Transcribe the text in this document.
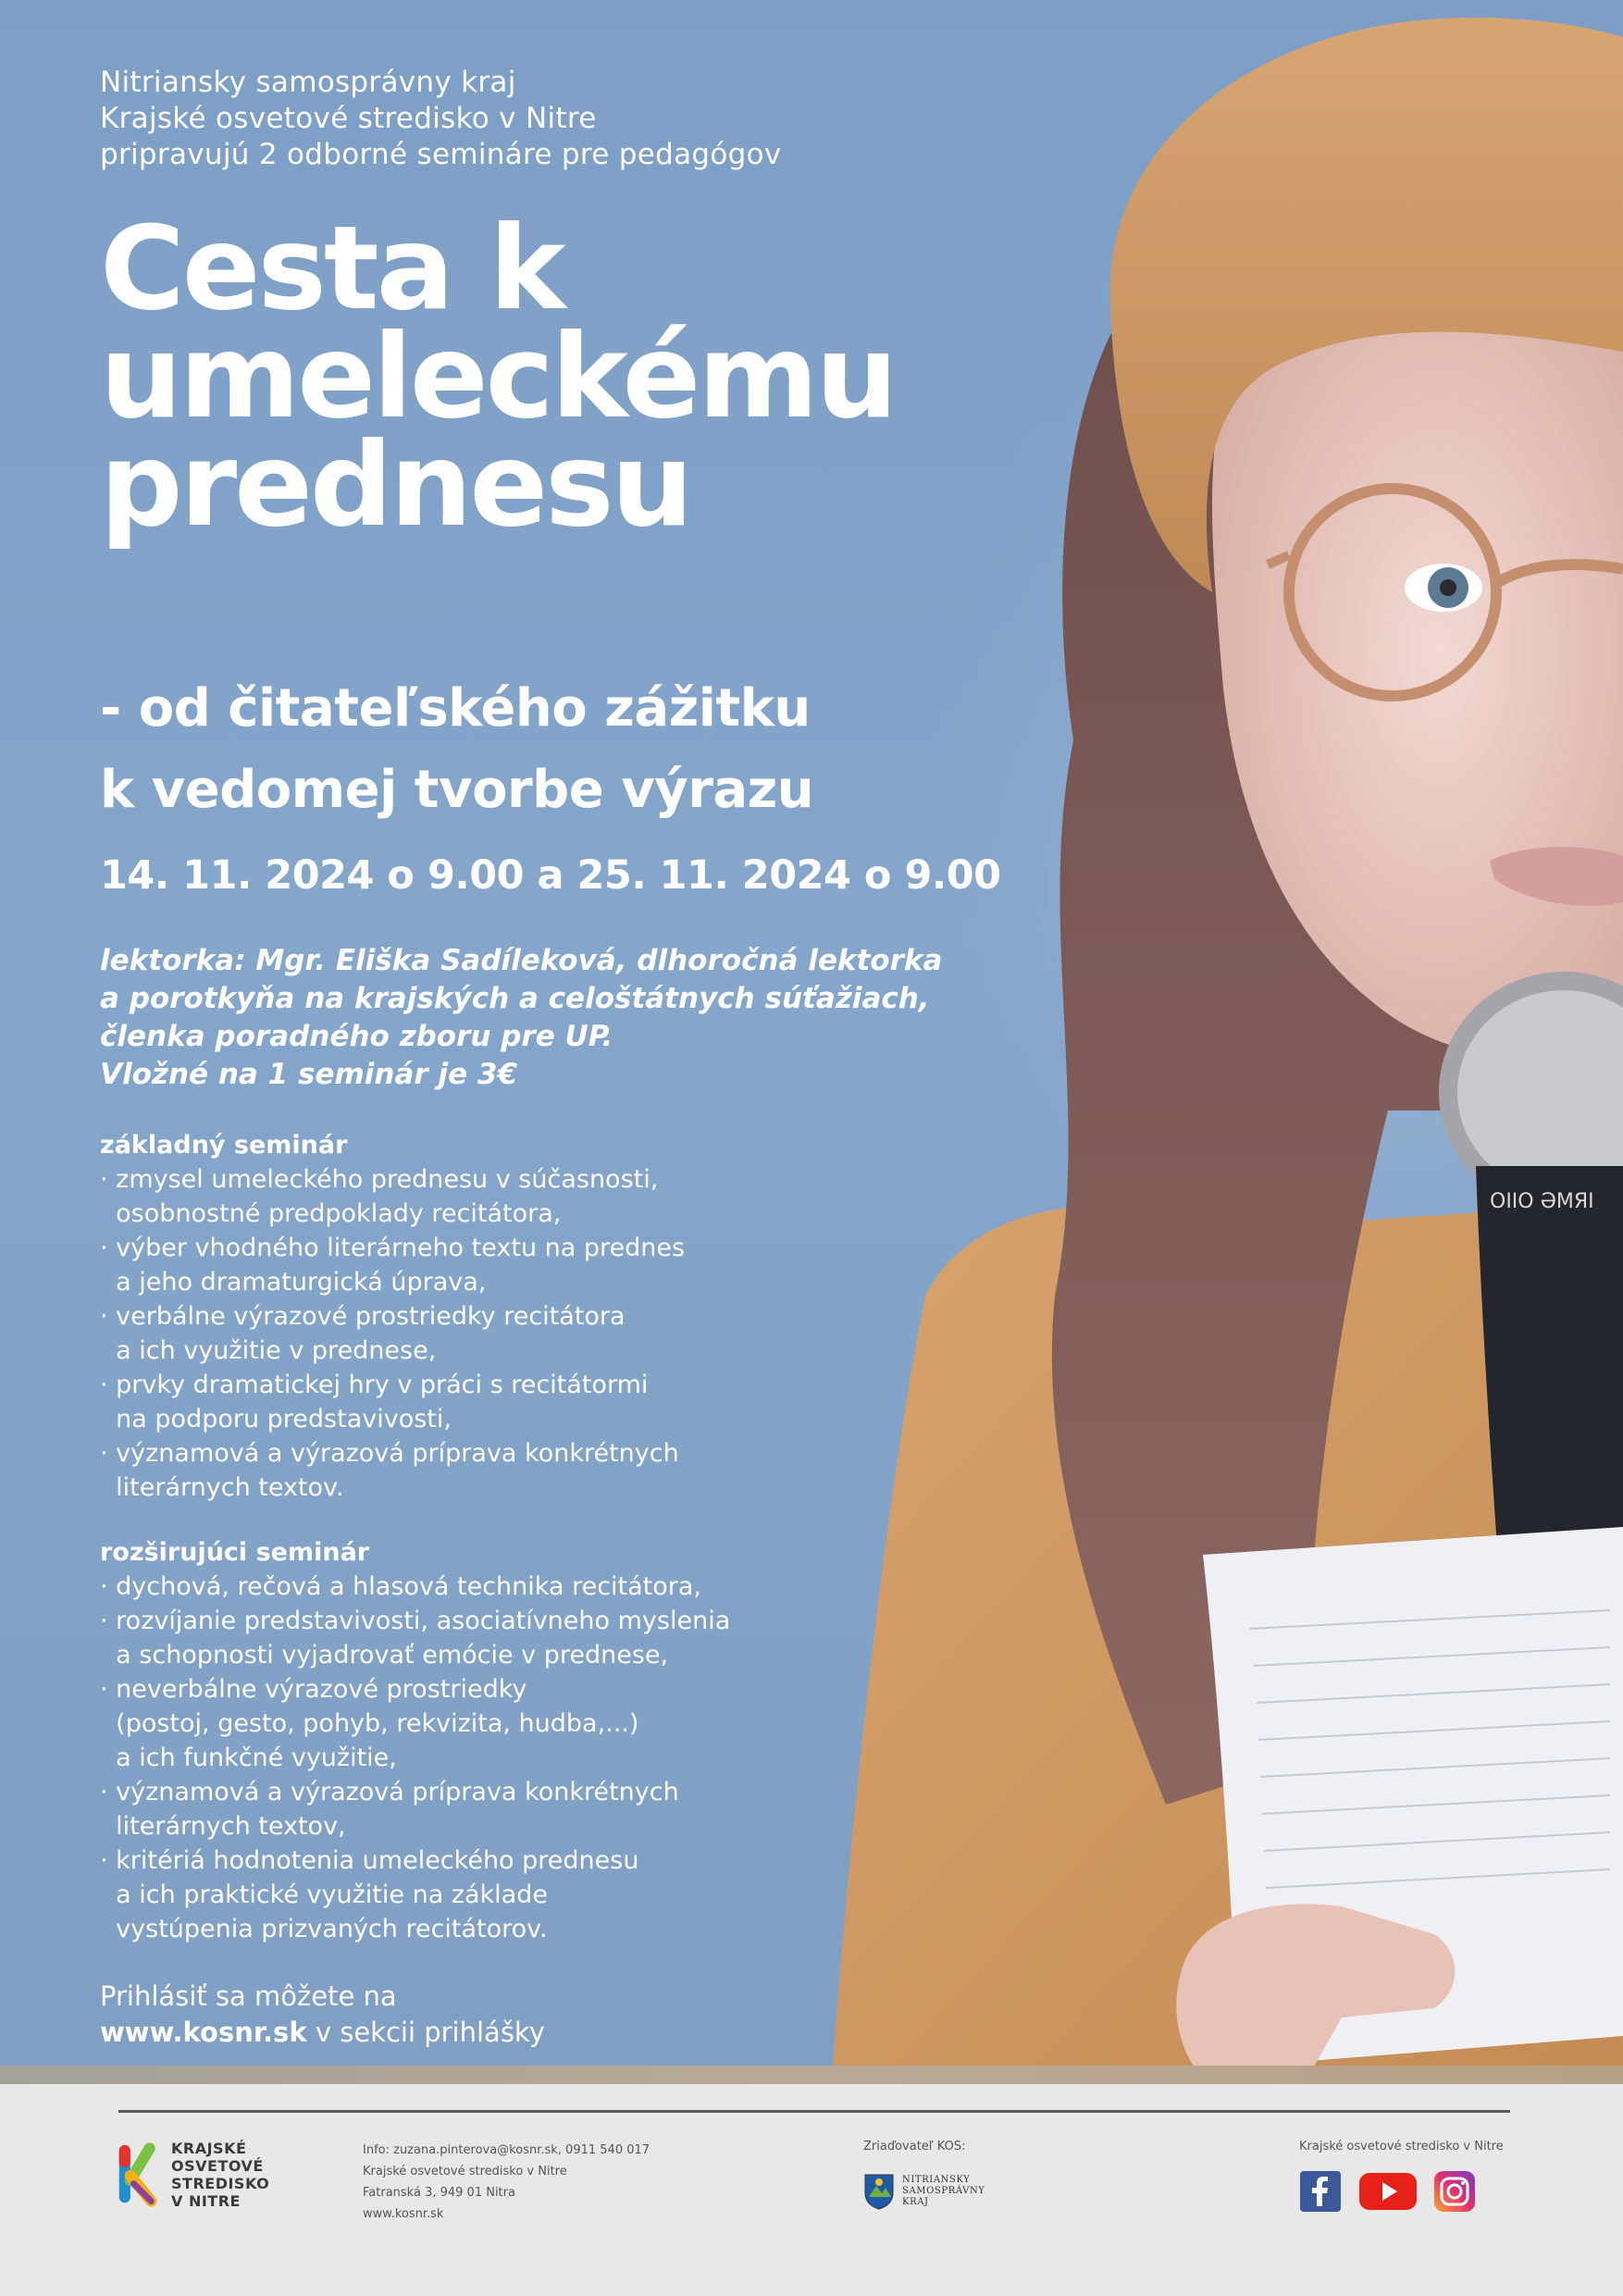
OIIO ƏMЯI
Nitriansky samosprávny kraj
Krajské osvetové stredisko v Nitre
pripravujú 2 odborné semináre pre pedagógov
Cesta k
umeleckému
prednesu
- od čitateľského zážitku
k vedomej tvorbe výrazu
14. 11. 2024 o 9.00 a 25. 11. 2024 o 9.00
lektorka: Mgr. Eliška Sadíleková, dlhoročná lektorka
a porotkyňa na krajských a celoštátnych súťažiach,
členka poradného zboru pre UP.
Vložné na 1 seminár je 3€
základný seminár
· zmysel umeleckého prednesu v súčasnosti,
osobnostné predpoklady recitátora,
· výber vhodného literárneho textu na prednes
a jeho dramaturgická úprava,
· verbálne výrazové prostriedky recitátora
a ich využitie v prednese,
· prvky dramatickej hry v práci s recitátormi
na podporu predstavivosti,
· významová a výrazová príprava konkrétnych
literárnych textov.
rozširujúci seminár
· dychová, rečová a hlasová technika recitátora,
· rozvíjanie predstavivosti, asociatívneho myslenia
a schopnosti vyjadrovať emócie v prednese,
· neverbálne výrazové prostriedky
(postoj, gesto, pohyb, rekvizita, hudba,...)
a ich funkčné využitie,
· významová a výrazová príprava konkrétnych
literárnych textov,
· kritériá hodnotenia umeleckého prednesu
a ich praktické využitie na základe
vystúpenia prizvaných recitátorov.
Prihlásiť sa môžete na
www.kosnr.sk v sekcii prihlášky
KRAJSKÉ
OSVETOVÉ
STREDISKO
V NITRE
Info: zuzana.pinterova@kosnr.sk, 0911 540 017
Krajské osvetové stredisko v Nitre
Fatranská 3, 949 01 Nitra
www.kosnr.sk
Zriaďovateľ KOS:
NITRIANSKY
SAMOSPRÁVNY
KRAJ
Krajské osvetové stredisko v Nitre
